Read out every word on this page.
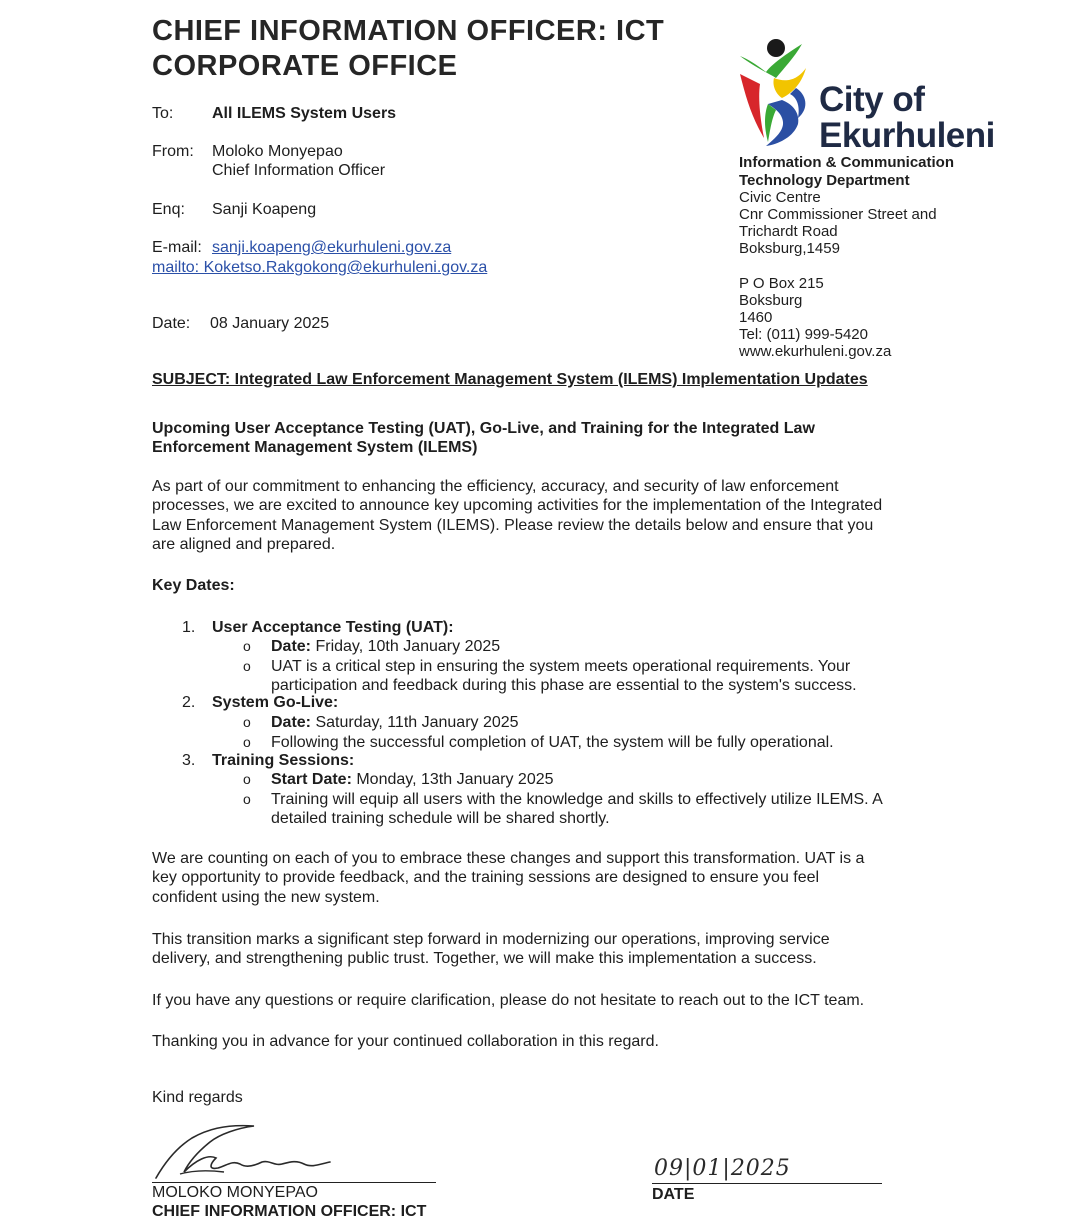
CHIEF INFORMATION OFFICER: ICT
CORPORATE OFFICE
To: All ILEMS System Users
From: Moloko Monyepao
Chief Information Officer
Enq: Sanji Koapeng
E-mail: sanji.koapeng@ekurhuleni.gov.za
mailto: Koketso.Rakgokong@ekurhuleni.gov.za
Date: 08 January 2025
City of
Ekurhuleni
Information & Communication
Technology Department
Civic Centre
Cnr Commissioner Street and
Trichardt Road
Boksburg,1459
P O Box 215
Boksburg
1460
Tel: (011) 999-5420
www.ekurhuleni.gov.za
SUBJECT: Integrated Law Enforcement Management System (ILEMS) Implementation Updates
Upcoming User Acceptance Testing (UAT), Go-Live, and Training for the Integrated Law
Enforcement Management System (ILEMS)
As part of our commitment to enhancing the efficiency, accuracy, and security of law enforcement
processes, we are excited to announce key upcoming activities for the implementation of the Integrated
Law Enforcement Management System (ILEMS). Please review the details below and ensure that you
are aligned and prepared.
Key Dates:
1. User Acceptance Testing (UAT):
o Date: Friday, 10th January 2025
o UAT is a critical step in ensuring the system meets operational requirements. Your
participation and feedback during this phase are essential to the system's success.
2. System Go-Live:
o Date: Saturday, 11th January 2025
o Following the successful completion of UAT, the system will be fully operational.
3. Training Sessions:
o Start Date: Monday, 13th January 2025
o Training will equip all users with the knowledge and skills to effectively utilize ILEMS. A
detailed training schedule will be shared shortly.
We are counting on each of you to embrace these changes and support this transformation. UAT is a
key opportunity to provide feedback, and the training sessions are designed to ensure you feel
confident using the new system.
This transition marks a significant step forward in modernizing our operations, improving service
delivery, and strengthening public trust. Together, we will make this implementation a success.
If you have any questions or require clarification, please do not hesitate to reach out to the ICT team.
Thanking you in advance for your continued collaboration in this regard.
Kind regards
MOLOKO MONYEPAO
CHIEF INFORMATION OFFICER: ICT
09|01|2025
DATE
